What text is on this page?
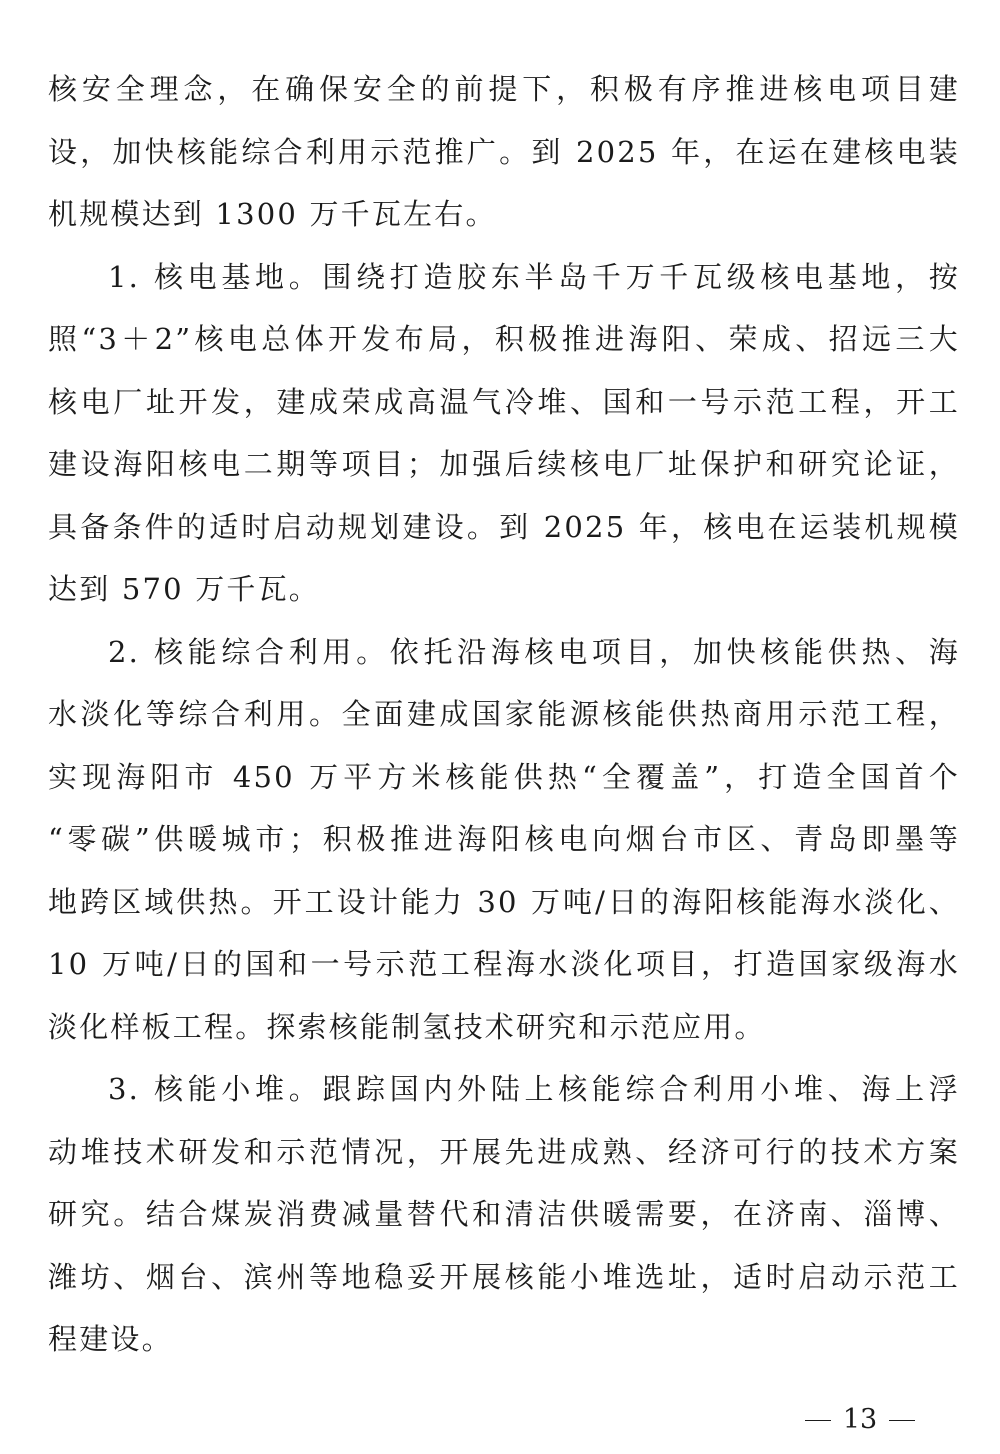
核安全理念，在确保安全的前提下，积极有序推进核电项目建
设，加快核能综合利用示范推广。到 2025 年，在运在建核电装
机规模达到 1300 万千瓦左右。
1. 核电基地。围绕打造胶东半岛千万千瓦级核电基地，按
照“3＋2”核电总体开发布局，积极推进海阳、荣成、招远三大
核电厂址开发，建成荣成高温气冷堆、国和一号示范工程，开工
建设海阳核电二期等项目；加强后续核电厂址保护和研究论证，
具备条件的适时启动规划建设。到 2025 年，核电在运装机规模
达到 570 万千瓦。
2. 核能综合利用。依托沿海核电项目，加快核能供热、海
水淡化等综合利用。全面建成国家能源核能供热商用示范工程，
实现海阳市 450 万平方米核能供热“全覆盖”，打造全国首个
“零碳”供暖城市；积极推进海阳核电向烟台市区、青岛即墨等
地跨区域供热。开工设计能力 30 万吨/日的海阳核能海水淡化、
10 万吨/日的国和一号示范工程海水淡化项目，打造国家级海水
淡化样板工程。探索核能制氢技术研究和示范应用。
3. 核能小堆。跟踪国内外陆上核能综合利用小堆、海上浮
动堆技术研发和示范情况，开展先进成熟、经济可行的技术方案
研究。结合煤炭消费减量替代和清洁供暖需要，在济南、淄博、
潍坊、烟台、滨州等地稳妥开展核能小堆选址，适时启动示范工
程建设。
13
